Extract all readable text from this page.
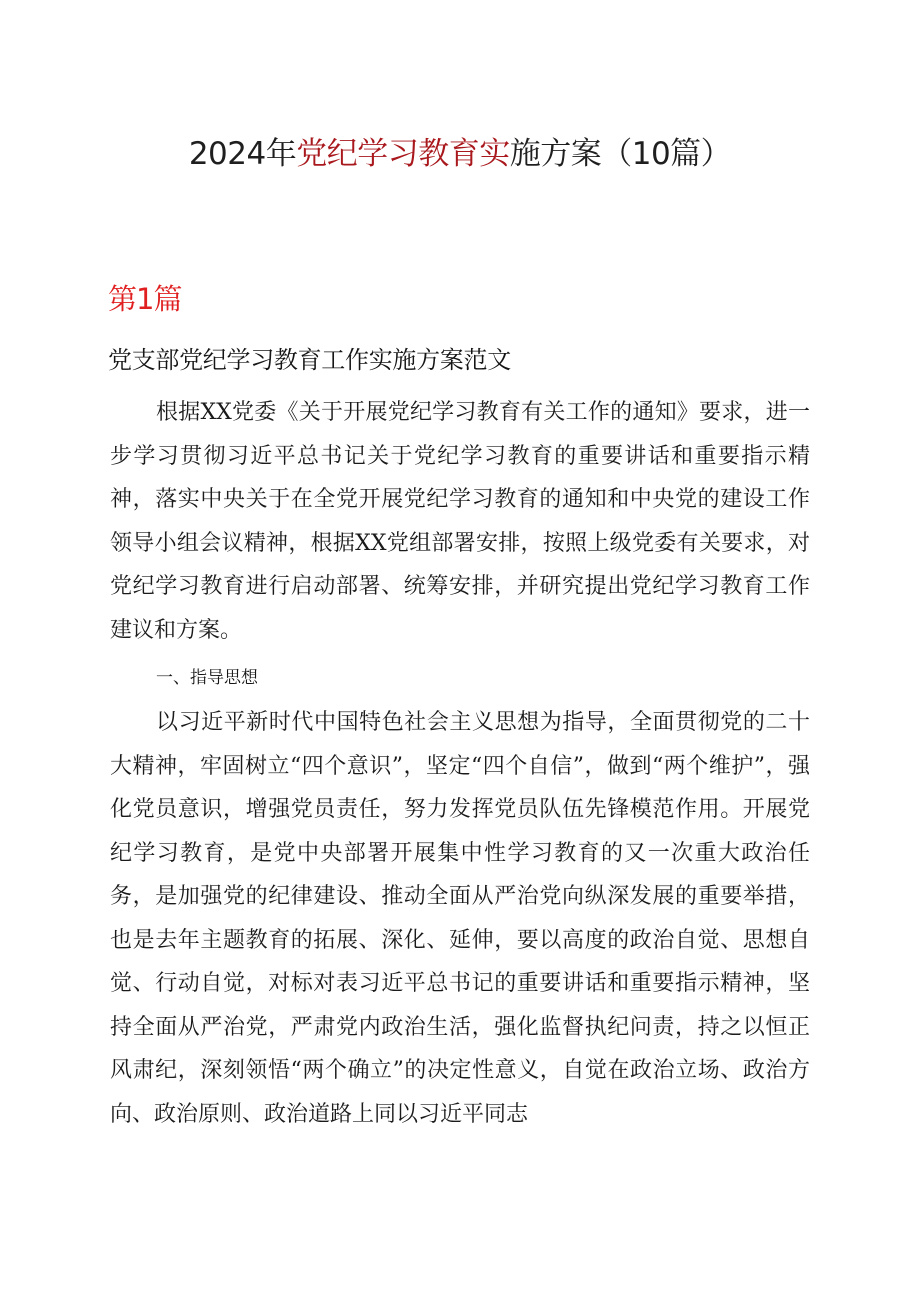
2024年党纪学习教育实施方案（10篇）
第1篇
党支部党纪学习教育工作实施方案范文

根据XX党委《关于开展党纪学习教育有关工作的通知》要求，进一步学习贯彻习近平总书记关于党纪学习教育的重要讲话和重要指示精神，落实中央关于在全党开展党纪学习教育的通知和中央党的建设工作领导小组会议精神，根据XX党组部署安排，按照上级党委有关要求，对党纪学习教育进行启动部署、统筹安排，并研究提出党纪学习教育工作建议和方案。

一、指导思想

以习近平新时代中国特色社会主义思想为指导，全面贯彻党的二十大精神，牢固树立“四个意识”，坚定“四个自信”，做到“两个维护”，强化党员意识，增强党员责任，努力发挥党员队伍先锋模范作用。开展党纪学习教育，是党中央部署开展集中性学习教育的又一次重大政治任务，是加强党的纪律建设、推动全面从严治党向纵深发展的重要举措，也是去年主题教育的拓展、深化、延伸，要以高度的政治自觉、思想自觉、行动自觉，对标对表习近平总书记的重要讲话和重要指示精神，坚持全面从严治党，严肃党内政治生活，强化监督执纪问责，持之以恒正风肃纪，深刻领悟“两个确立”的决定性意义，自觉在政治立场、政治方向、政治原则、政治道路上同以习近平同志
